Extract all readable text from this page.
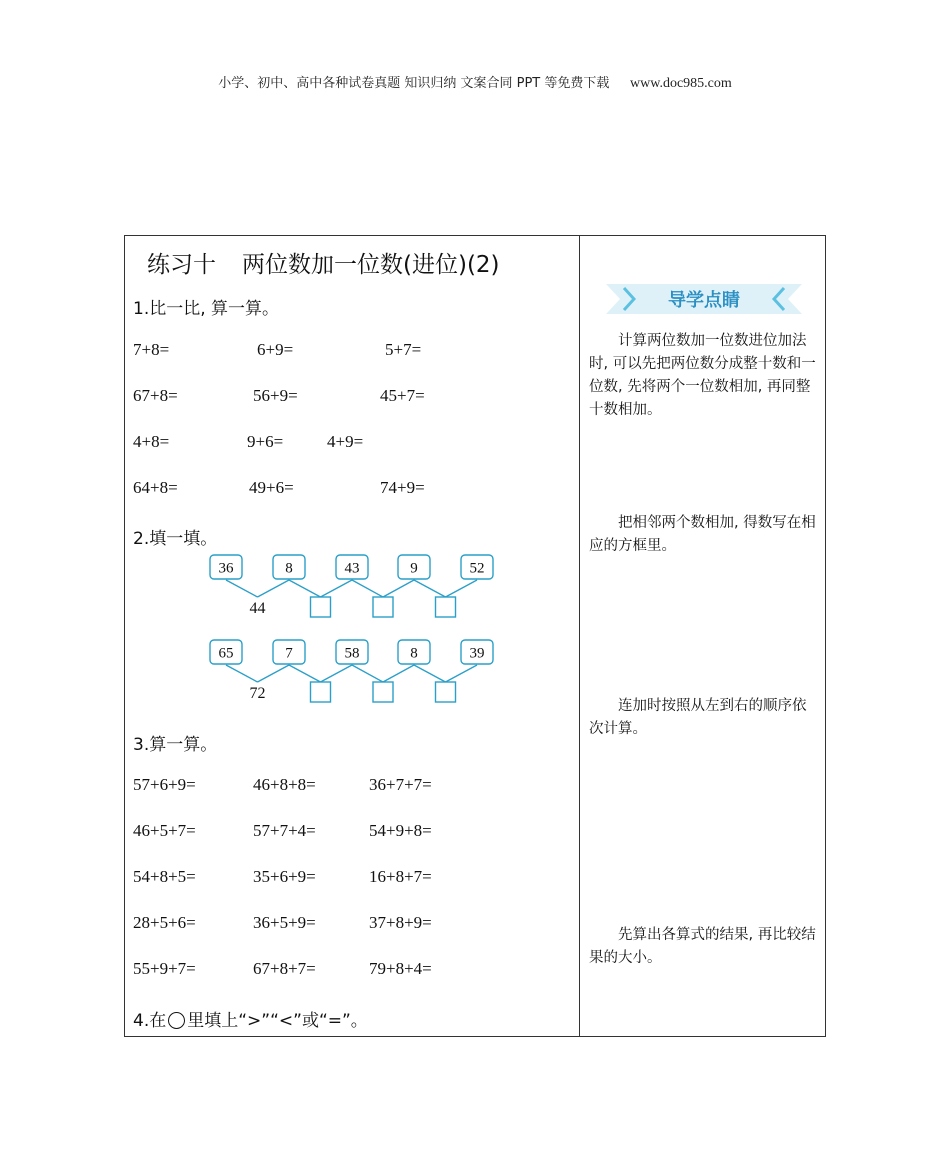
小学、初中、高中各种试卷真题 知识归纳 文案合同 PPT 等免费下载 www.doc985.com
练习十 两位数加一位数(进位)(2)
1.比一比, 算一算。
7+8=	6+9=	5+7=
67+8=	56+9=	45+7=
4+8=	9+6=	4+9=
64+8=	49+6=	74+9=
2.填一填。
44
36	8	43	9	52
72
65	7	58	8	39
3.算一算。
57+6+9=	46+8+8=	36+7+7=
46+5+7=	57+7+4=	54+9+8=
54+8+5=	35+6+9=	16+8+7=
28+5+6=	36+5+9=	37+8+9=
55+9+7=	67+8+7=	79+8+4=
4.在 里填上“>”“<”或“=”。
导学点睛
计算两位数加一位数进位加法时, 可以先把两位数分成整十数和一位数, 先将两个一位数相加, 再同整十数相加。
把相邻两个数相加, 得数写在相应的方框里。
连加时按照从左到右的顺序依次计算。
先算出各算式的结果, 再比较结果的大小。
